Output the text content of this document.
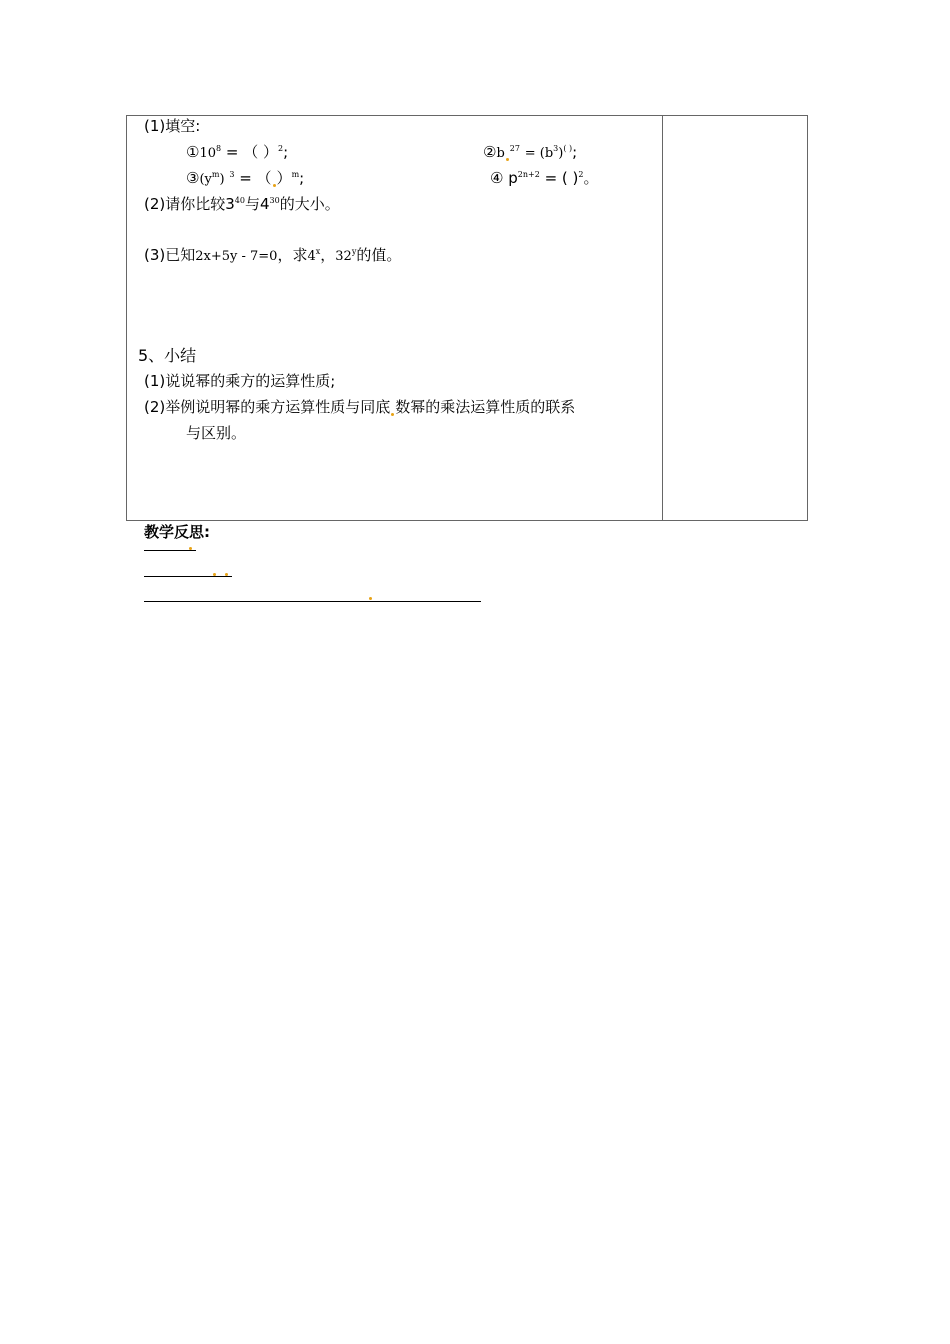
(1)填空:
$①10^8$ = （ ）$^2$;	②b $^{27} = (b^3)^{( )}$;
$③(y^m) ^3$ = （ ）$^m$;	④ $p^{2n+2}$ = ( )$^2$。
(2)请你比较$3^{40}$与$4^{30}$的大小。
(3)已知2x+5y - 7=0，求4$^x$，32$^y$的值。
5、小结
(1)说说幂的乘方的运算性质;
(2)举例说明幂的乘方运算性质与同底 数幂的乘法运算性质的联系
与区别。
教学反思:
